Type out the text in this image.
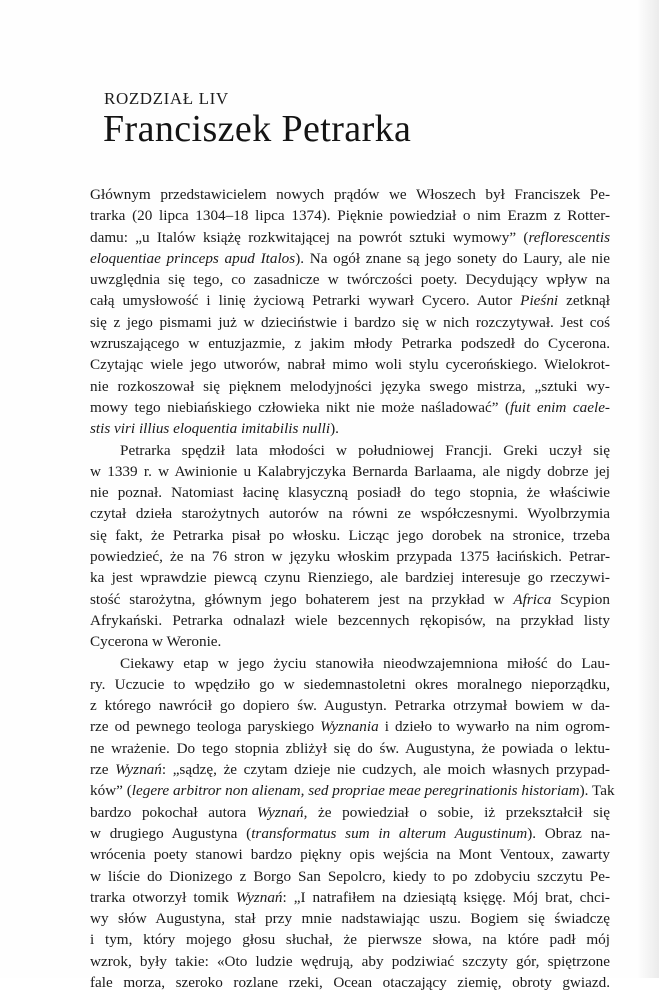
ROZDZIAŁ LIV
Franciszek Petrarka
Głównym przedstawicielem nowych prądów we Włoszech był Franciszek Pe-
trarka (20 lipca 1304–18 lipca 1374). Pięknie powiedział o nim Erazm z Rotter-
damu: „u Italów książę rozkwitającej na powrót sztuki wymowy” (reflorescentis
eloquentiae princeps apud Italos). Na ogół znane są jego sonety do Laury, ale nie
uwzględnia się tego, co zasadnicze w twórczości poety. Decydujący wpływ na
całą umysłowość i linię życiową Petrarki wywarł Cycero. Autor Pieśni zetknął
się z jego pismami już w dzieciństwie i bardzo się w nich rozczytywał. Jest coś
wzruszającego w entuzjazmie, z jakim młody Petrarka podszedł do Cycerona.
Czytając wiele jego utworów, nabrał mimo woli stylu cycerońskiego. Wielokrot-
nie rozkoszował się pięknem melodyjności języka swego mistrza, „sztuki wy-
mowy tego niebiańskiego człowieka nikt nie może naśladować” (fuit enim caele-
stis viri illius eloquentia imitabilis nulli).
Petrarka spędził lata młodości w południowej Francji. Greki uczył się
w 1339 r. w Awinionie u Kalabryjczyka Bernarda Barlaama, ale nigdy dobrze jej
nie poznał. Natomiast łacinę klasyczną posiadł do tego stopnia, że właściwie
czytał dzieła starożytnych autorów na równi ze współczesnymi. Wyolbrzymia
się fakt, że Petrarka pisał po włosku. Licząc jego dorobek na stronice, trzeba
powiedzieć, że na 76 stron w języku włoskim przypada 1375 łacińskich. Petrar-
ka jest wprawdzie piewcą czynu Rienziego, ale bardziej interesuje go rzeczywi-
stość starożytna, głównym jego bohaterem jest na przykład w Africa Scypion
Afrykański. Petrarka odnalazł wiele bezcennych rękopisów, na przykład listy
Cycerona w Weronie.
Ciekawy etap w jego życiu stanowiła nieodwzajemniona miłość do Lau-
ry. Uczucie to wpędziło go w siedemnastoletni okres moralnego nieporządku,
z którego nawrócił go dopiero św. Augustyn. Petrarka otrzymał bowiem w da-
rze od pewnego teologa paryskiego Wyznania i dzieło to wywarło na nim ogrom-
ne wrażenie. Do tego stopnia zbliżył się do św. Augustyna, że powiada o lektu-
rze Wyznań: „sądzę, że czytam dzieje nie cudzych, ale moich własnych przypad-
ków” (legere arbitror non alienam, sed propriae meae peregrinationis historiam). Tak
bardzo pokochał autora Wyznań, że powiedział o sobie, iż przekształcił się
w drugiego Augustyna (transformatus sum in alterum Augustinum). Obraz na-
wrócenia poety stanowi bardzo piękny opis wejścia na Mont Ventoux, zawarty
w liście do Dionizego z Borgo San Sepolcro, kiedy to po zdobyciu szczytu Pe-
trarka otworzył tomik Wyznań: „I natrafiłem na dziesiątą księgę. Mój brat, chci-
wy słów Augustyna, stał przy mnie nadstawiając uszu. Bogiem się świadczę
i tym, który mojego głosu słuchał, że pierwsze słowa, na które padł mój
wzrok, były takie: «Oto ludzie wędrują, aby podziwiać szczyty gór, spiętrzone
fale morza, szeroko rozlane rzeki, Ocean otaczający ziemię, obroty gwiazd.
